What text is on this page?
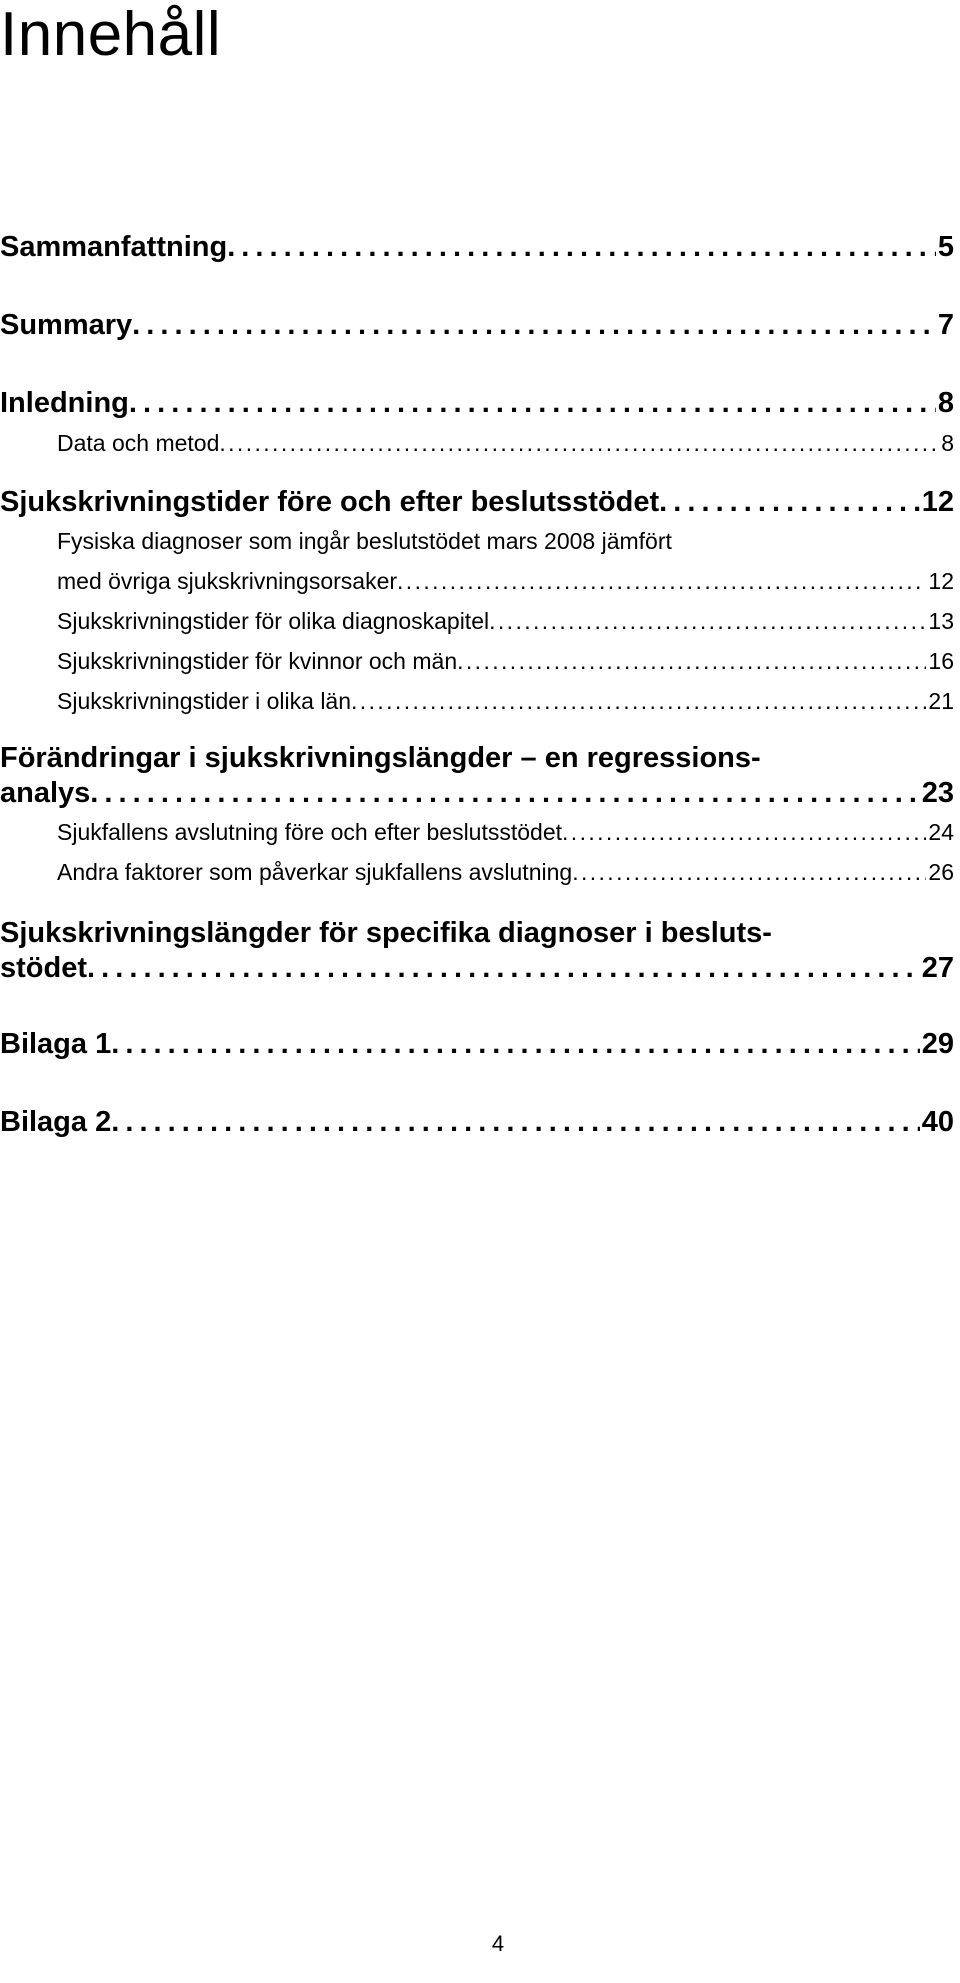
Innehåll
Sammanfattning . . .	5
Summary . . .	7
Inledning . . .	8
Data och metod . . .	8
Sjukskrivningstider före och efter beslutsstödet . . .	12
Fysiska diagnoser som ingår beslutstödet mars 2008 jämfört
med övriga sjukskrivningsorsaker . . .	12
Sjukskrivningstider för olika diagnoskapitel . . .	13
Sjukskrivningstider för kvinnor och män . . .	16
Sjukskrivningstider i olika län . . .	21
Förändringar i sjukskrivningslängder – en regressions-
analys . . .	23
Sjukfallens avslutning före och efter beslutsstödet . . .	24
Andra faktorer som påverkar sjukfallens avslutning . . .	26
Sjukskrivningslängder för specifika diagnoser i besluts-
stödet . . .	27
Bilaga 1 . . .	29
Bilaga 2 . . .	40
4
